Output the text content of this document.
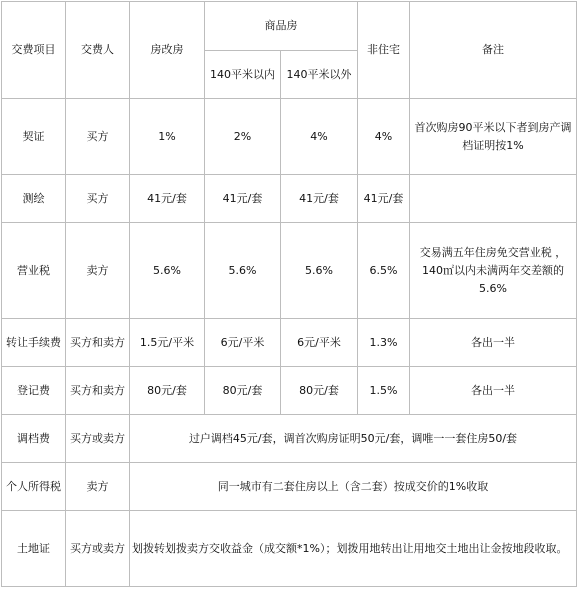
交费项目	交费人	房改房	商品房		非住宅	备注
			140平米以内	140平米以外		
契证	买方	1%	2%	4%	4%	首次购房90平米以下者到房产调档证明按1%
测绘	买方	41元/套	41元/套	41元/套	41元/套	
营业税	卖方	5.6%	5.6%	5.6%	6.5%	交易满五年住房免交营业税 ，140㎡以内未满两年交差额的5.6%
转让手续费	买方和卖方	1.5元/平米	6元/平米	6元/平米	1.3%	各出一半
登记费	买方和卖方	80元/套	80元/套	80元/套	1.5%	各出一半
调档费	买方或卖方	过户调档45元/套，调首次购房证明50元/套，调唯一一套住房50/套				
个人所得税	卖方	同一城市有二套住房以上（含二套）按成交价的1%收取				
土地证	买方或卖方	划拨转划拨卖方交收益金（成交额*1%）；划拨用地转出让用地交土地出让金按地段收取。				
